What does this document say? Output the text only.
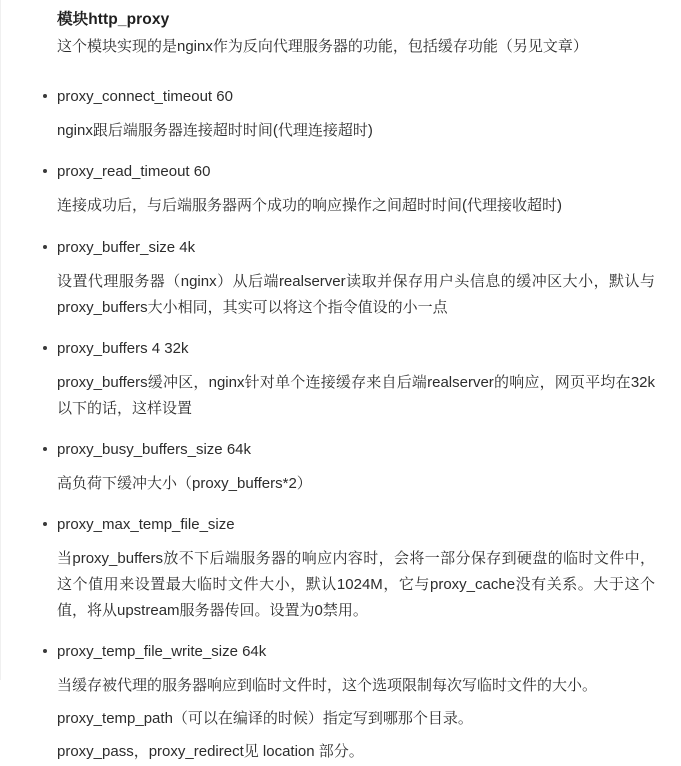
模块http_proxy

这个模块实现的是nginx作为反向代理服务器的功能，包括缓存功能（另见文章）

proxy_connect_timeout 60
nginx跟后端服务器连接超时时间(代理连接超时)
proxy_read_timeout 60
连接成功后，与后端服务器两个成功的响应操作之间超时时间(代理接收超时)
proxy_buffer_size 4k
设置代理服务器（nginx）从后端realserver读取并保存用户头信息的缓冲区大小，默认与proxy_buffers大小相同，其实可以将这个指令值设的小一点
proxy_buffers 4 32k
proxy_buffers缓冲区，nginx针对单个连接缓存来自后端realserver的响应，网页平均在32k以下的话，这样设置
proxy_busy_buffers_size 64k
高负荷下缓冲大小（proxy_buffers*2）
proxy_max_temp_file_size
当proxy_buffers放不下后端服务器的响应内容时，会将一部分保存到硬盘的临时文件中，这个值用来设置最大临时文件大小，默认1024M，它与proxy_cache没有关系。大于这个值，将从upstream服务器传回。设置为0禁用。
proxy_temp_file_write_size 64k
当缓存被代理的服务器响应到临时文件时，这个选项限制每次写临时文件的大小。
proxy_temp_path（可以在编译的时候）指定写到哪那个目录。
proxy_pass，proxy_redirect见 location 部分。
